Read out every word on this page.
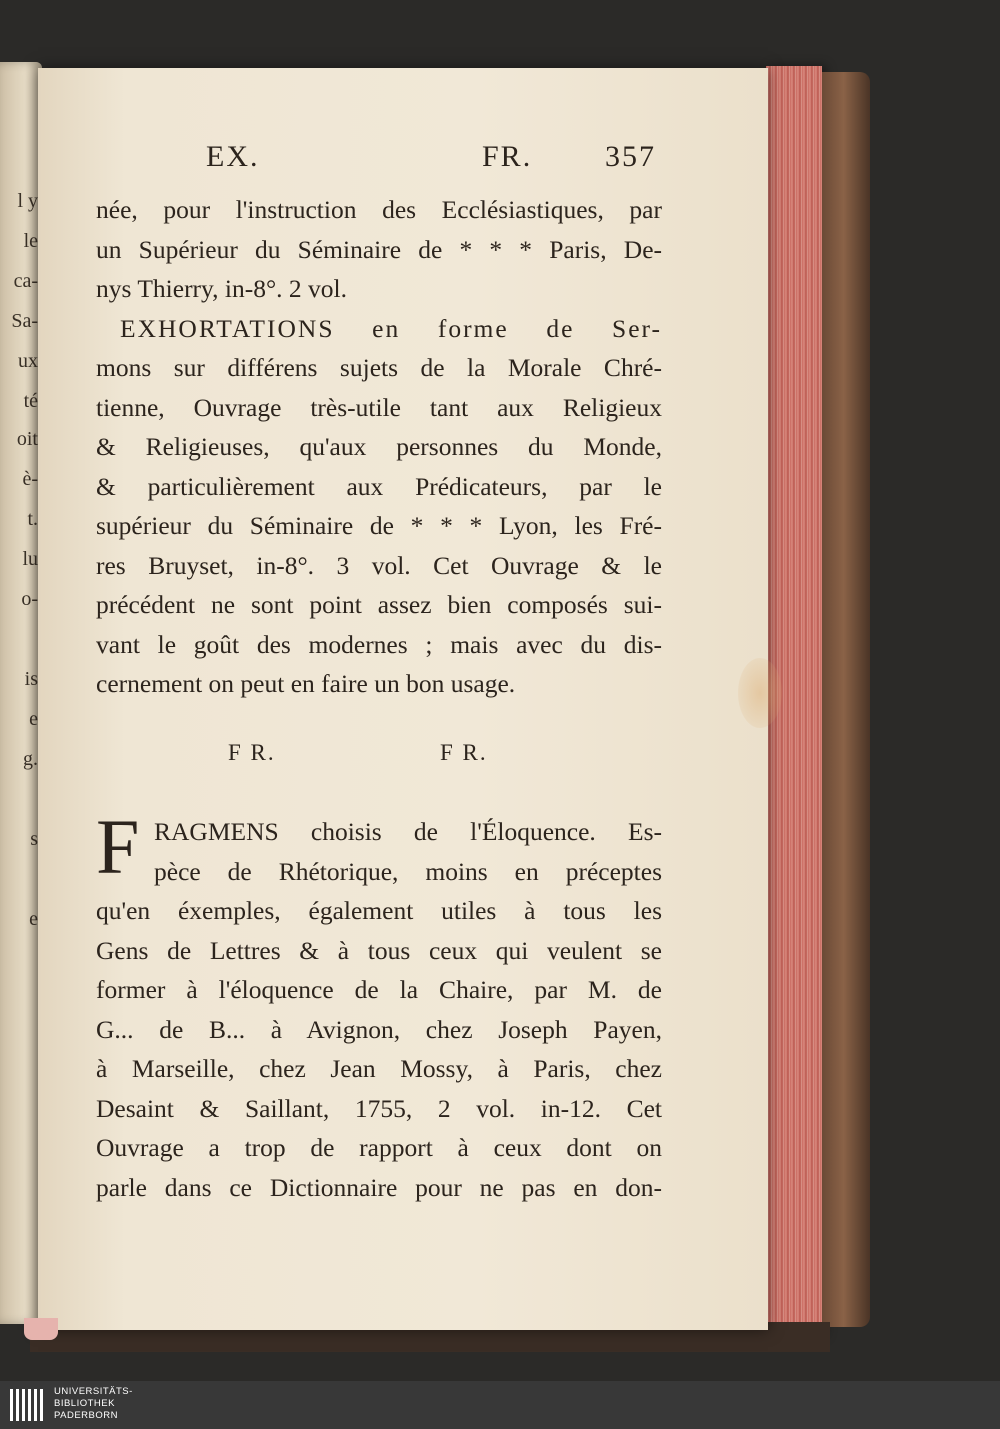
l y
le
ca-
Sa-
ux
té
oit
è-
t.
lu
o-
is
e
g.
s
e
EX.	FR. 357
née, pour l'instruction des Ecclésiastiques, par
un Supérieur du Séminaire de * * * Paris, De-
nys Thierry, in-8°. 2 vol.
EXHORTATIONS en forme de Ser-
mons sur différens sujets de la Morale Chré-
tienne, Ouvrage très-utile tant aux Religieux
& Religieuses, qu'aux personnes du Monde,
& particulièrement aux Prédicateurs, par le
supérieur du Séminaire de * * * Lyon, les Fré-
res Bruyset, in-8°. 3 vol. Cet Ouvrage & le
précédent ne sont point assez bien composés sui-
vant le goût des modernes ; mais avec du dis-
cernement on peut en faire un bon usage.
F R.	F R.
F RAGMENS choisis de l'Éloquence. Es-
pèce de Rhétorique, moins en préceptes
qu'en éxemples, également utiles à tous les
Gens de Lettres & à tous ceux qui veulent se
former à l'éloquence de la Chaire, par M. de
G... de B... à Avignon, chez Joseph Payen,
à Marseille, chez Jean Mossy, à Paris, chez
Desaint & Saillant, 1755, 2 vol. in-12. Cet
Ouvrage a trop de rapport à ceux dont on
parle dans ce Dictionnaire pour ne pas en don-
UNIVERSITÄTS-
BIBLIOTHEK
PADERBORN
